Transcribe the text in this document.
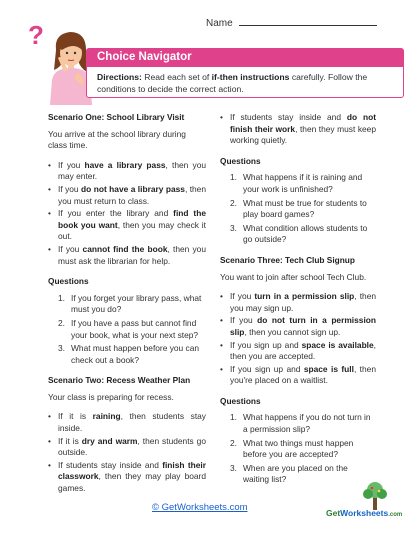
Name
?
Choice Navigator
Directions: Read each set of if-then instructions carefully. Follow the conditions to decide the correct action.
Scenario One: School Library Visit
You arrive at the school library during class time.
• If you have a library pass, then you may enter.
• If you do not have a library pass, then you must return to class.
• If you enter the library and find the book you want, then you may check it out.
• If you cannot find the book, then you must ask the librarian for help.
Questions
1. If you forget your library pass, what must you do?
2. If you have a pass but cannot find your book, what is your next step?
3. What must happen before you can check out a book?
Scenario Two: Recess Weather Plan
Your class is preparing for recess.
• If it is raining, then students stay inside.
• If it is dry and warm, then students go outside.
• If students stay inside and finish their classwork, then they may play board games.
• If students stay inside and do not finish their work, then they must keep working quietly.
Questions
1. What happens if it is raining and your work is unfinished?
2. What must be true for students to play board games?
3. What condition allows students to go outside?
Scenario Three: Tech Club Signup
You want to join after school Tech Club.
• If you turn in a permission slip, then you may sign up.
• If you do not turn in a permission slip, then you cannot sign up.
• If you sign up and space is available, then you are accepted.
• If you sign up and space is full, then you're placed on a waitlist.
Questions
1. What happens if you do not turn in a permission slip?
2. What two things must happen before you are accepted?
3. When are you placed on the waiting list?
© GetWorksheets.com	GetWorksheets.com
